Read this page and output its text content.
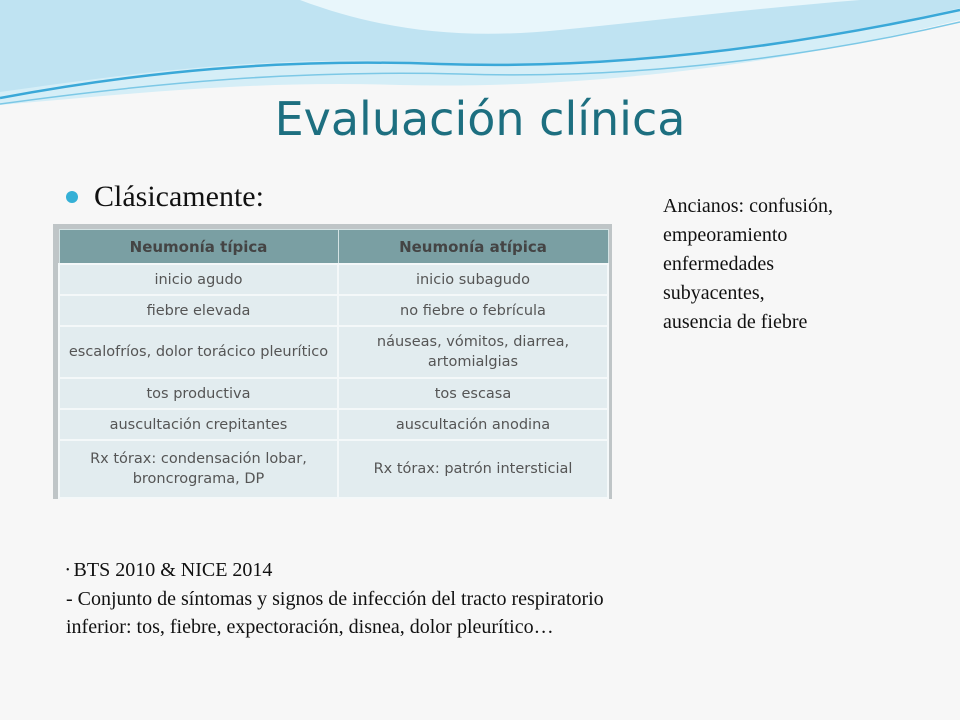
Evaluación clínica
Clásicamente:	Ancianos: confusión,
empeoramiento
enfermedades
subyacentes,
ausencia de fiebre
Neumonía típica	Neumonía atípica
inicio agudo	inicio subagudo
fiebre elevada	no fiebre o febrícula
escalofríos, dolor torácico pleurítico	náuseas, vómitos, diarrea, artomialgias
tos productiva	tos escasa
auscultación crepitantes	auscultación anodina
Rx tórax: condensación lobar, broncrograma, DP	Rx tórax: patrón intersticial
• BTS 2010 & NICE 2014
- Conjunto de síntomas y signos de infección del tracto respiratorio
inferior: tos, fiebre, expectoración, disnea, dolor pleurítico…
